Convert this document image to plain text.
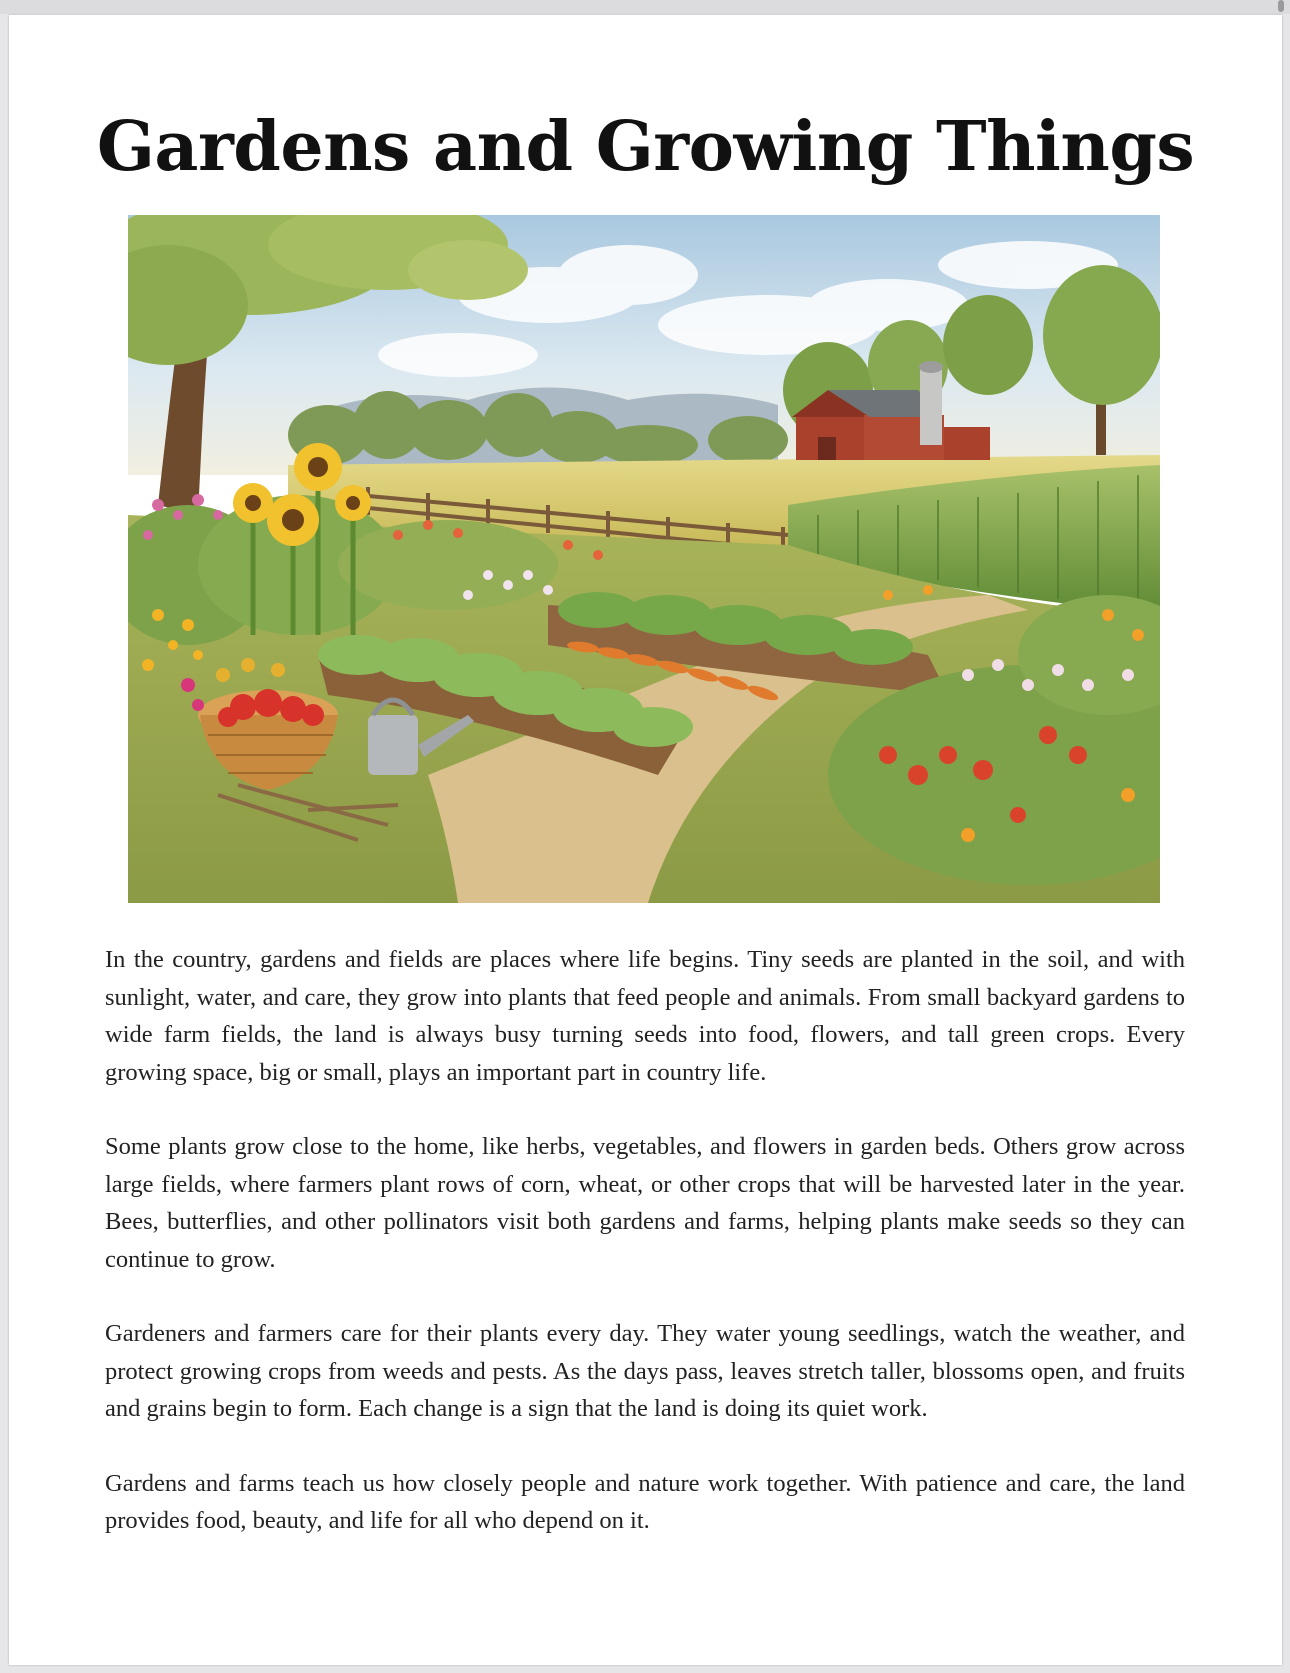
Gardens and Growing Things

In the country, gardens and fields are places where life begins. Tiny seeds are planted in the soil, and with sunlight, water, and care, they grow into plants that feed people and animals. From small backyard gardens to wide farm fields, the land is always busy turning seeds into food, flowers, and tall green crops. Every growing space, big or small, plays an important part in country life.

Some plants grow close to the home, like herbs, vegetables, and flowers in garden beds. Others grow across large fields, where farmers plant rows of corn, wheat, or other crops that will be harvested later in the year. Bees, butterflies, and other pollinators visit both gardens and farms, helping plants make seeds so they can continue to grow.

Gardeners and farmers care for their plants every day. They water young seedlings, watch the weather, and protect growing crops from weeds and pests. As the days pass, leaves stretch taller, blossoms open, and fruits and grains begin to form. Each change is a sign that the land is doing its quiet work.

Gardens and farms teach us how closely people and nature work together. With patience and care, the land provides food, beauty, and life for all who depend on it.
